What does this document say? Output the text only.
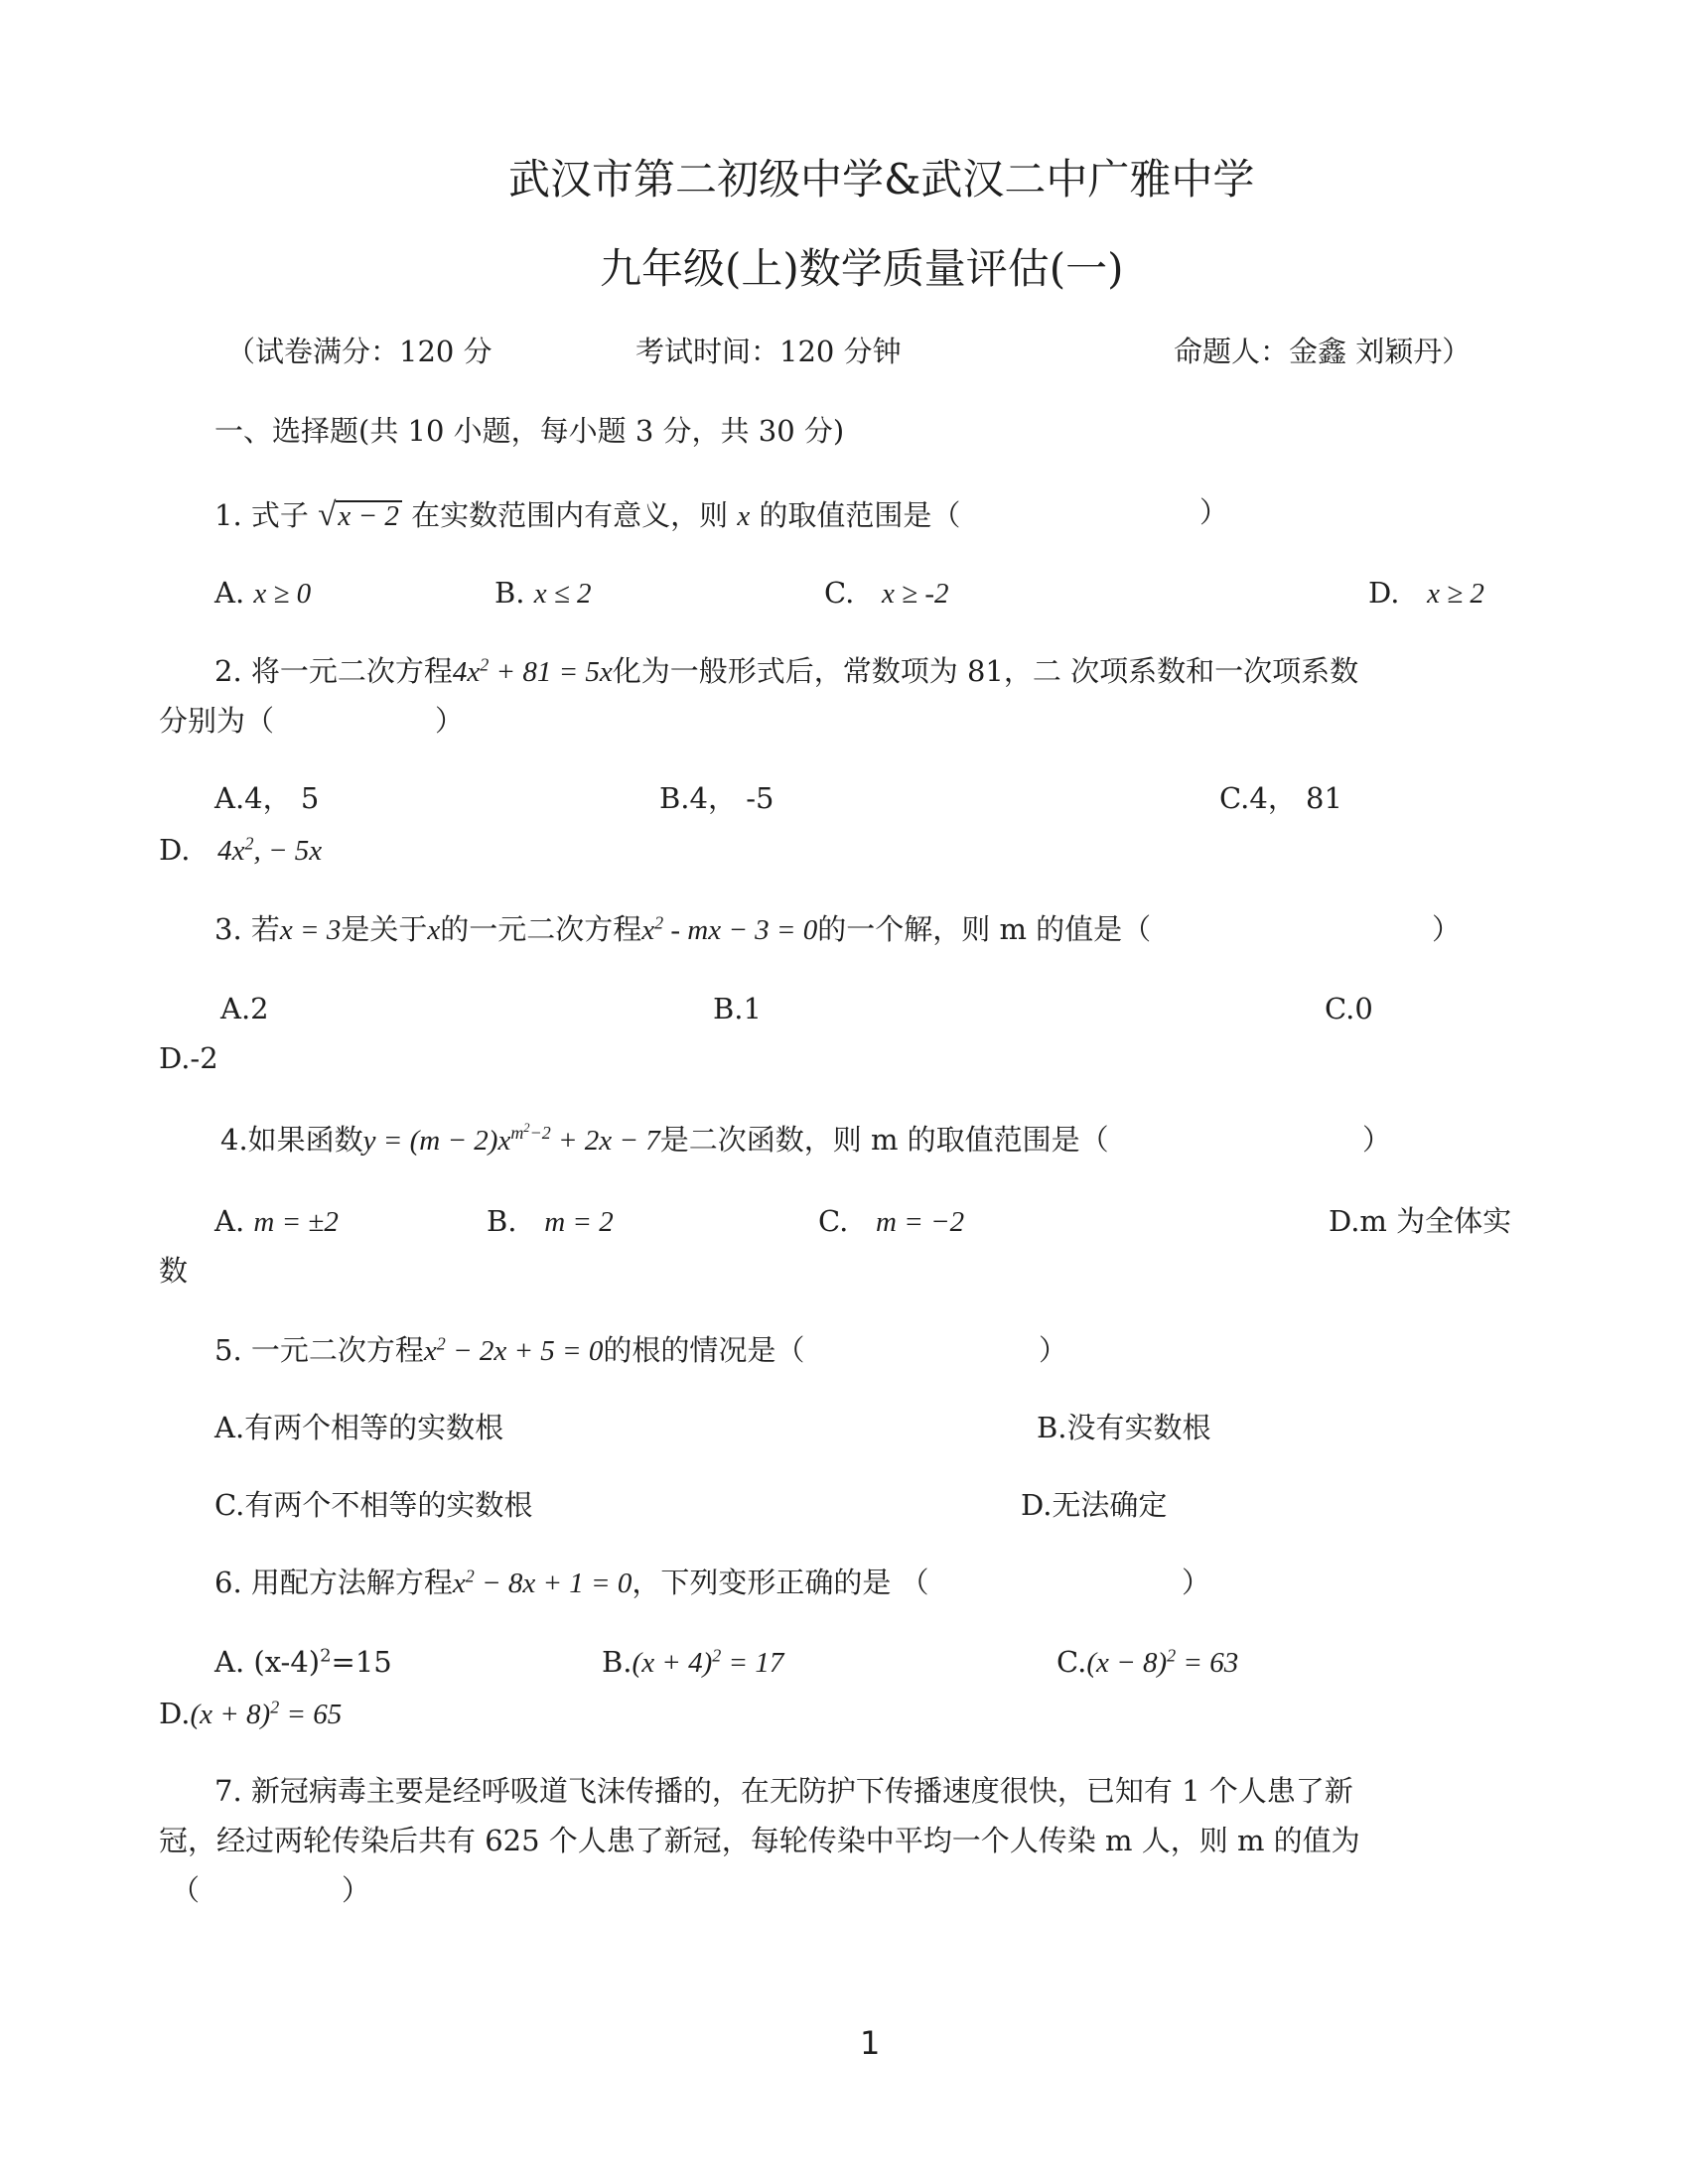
武汉市第二初级中学&武汉二中广雅中学
九年级(上)数学质量评估(一)
（试卷满分：120 分	考试时间：120 分钟	命题人：金鑫 刘颖丹）
一、选择题(共 10 小题，每小题 3 分，共 30 分)
1. 式子 √x − 2 在实数范围内有意义，则 x 的取值范围是（	）
A. x ≥ 0	B. x ≤ 2	C. x ≥ -2	D. x ≥ 2
2. 将一元二次方程$4x^2 + 81 = 5x$化为一般形式后，常数项为 81，二 次项系数和一次项系数
分别为（	）
A.4， 5	B.4， -5	C.4， 81
D. $4x^2$, − 5x
3. 若x = 3是关于x的一元二次方程$x^2$ - mx − 3 = 0的一个解，则 m 的值是（	）
A.2	B.1	C.0
D.-2
4.如果函数$y = (m - 2)x^{m^2-2} + 2x - 7$是二次函数，则 m 的取值范围是（	）
A. m = ±2	B. m = 2	C. m = −2	D.m 为全体实
数
5. 一元二次方程$x^2 - 2x + 5 = 0$的根的情况是（	）
A.有两个相等的实数根	B.没有实数根
C.有两个不相等的实数根	D.无法确定
6. 用配方法解方程$x^2 - 8x + 1 = 0$，下列变形正确的是 （	）
A. $(x-4)^2=15$	$B.(x + 4)^2 = 17$	$C.(x - 8)^2 = 63$
$D.(x + 8)^2 = 65$
7. 新冠病毒主要是经呼吸道飞沫传播的，在无防护下传播速度很快，已知有 1 个人患了新
冠，经过两轮传染后共有 625 个人患了新冠，每轮传染中平均一个人传染 m 人，则 m 的值为
（	）
1
